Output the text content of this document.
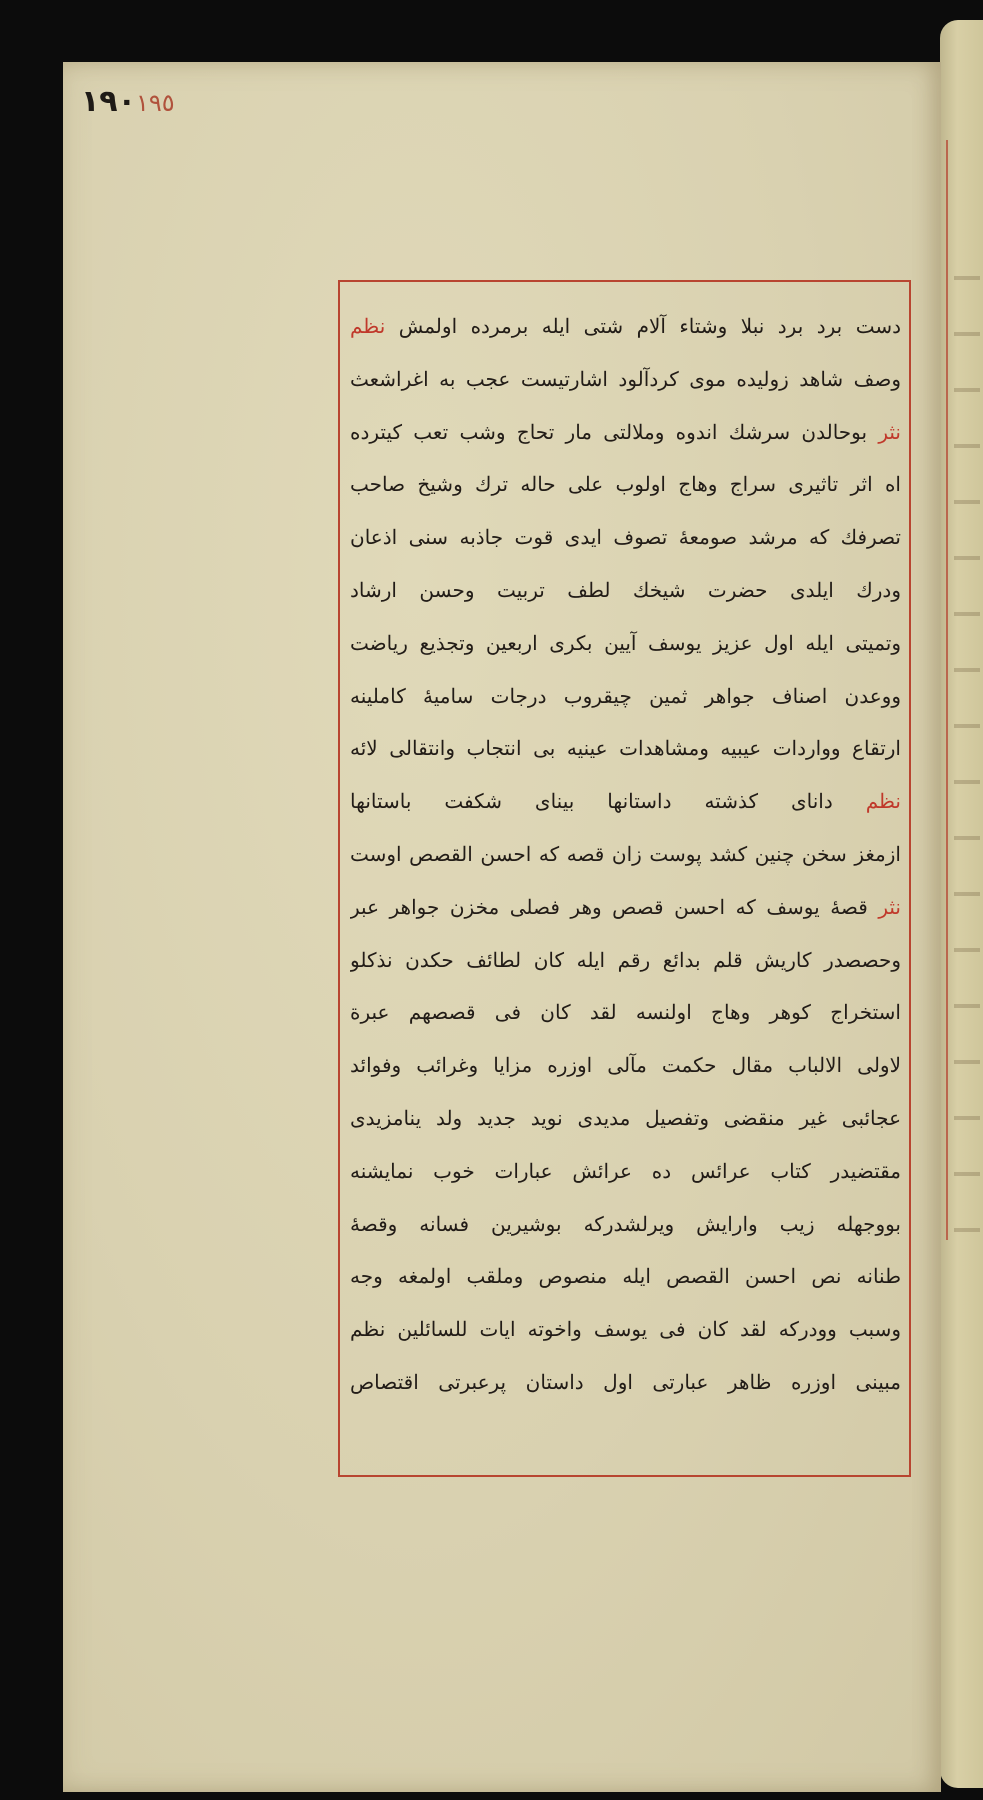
١٩٠١٩٥
دست برد برد نبلا وشتاء آلام شتى ايله برمرده اولمش نظم
وصف شاهد زوليده موى كردآلود اشارتيست عجب به اغراشعث
نثر بوحالدن سرشك اندوه وملالتى مار تحاج وشب تعب كيترده
اه اثر تاثيرى سراج وهاج اولوب على حاله ترك وشيخ صاحب
تصرفك كه مرشد صومعهٔ تصوف ايدى قوت جاذبه سنى اذعان
ودرك ايلدى حضرت شيخك لطف تربيت وحسن ارشاد
وتميتى ايله اول عزيز يوسف آيين بكرى اربعين وتجذيع رياضت
ووعدن اصناف جواهر ثمين چيقروب درجات ساميهٔ كاملينه
ارتقاع وواردات عيبيه ومشاهدات عينيه بى انتجاب وانتقالى لائه
نظم داناى كذشته داستانها بيناى شكفت باستانها
ازمغز سخن چنين كشد پوست زان قصه كه احسن القصص اوست
نثر قصهٔ يوسف كه احسن قصص وهر فصلى مخزن جواهر عبر
وحصصدر كاريش قلم بدائع رقم ايله كان لطائف حكدن نذكلو
استخراج كوهر وهاج اولنسه لقد كان فى قصصهم عبرة
لاولى الالباب مقال حكمت مآلى اوزره مزايا وغرائب وفوائد
عجائبى غير منقضى وتفصيل مديدى نويد جديد ولد ينامزيدى
مقتضيدر كتاب عرائس ده عرائش عبارات خوب نمايشنه
بووجهله زيب وارايش ويرلشدركه بوشيرين فسانه وقصهٔ
طنانه نص احسن القصص ايله منصوص وملقب اولمغه وجه
وسبب وودركه لقد كان فى يوسف واخوته ايات للسائلين نظم
مبينى اوزره ظاهر عبارتى اول داستان پرعبرتى اقتصاص
